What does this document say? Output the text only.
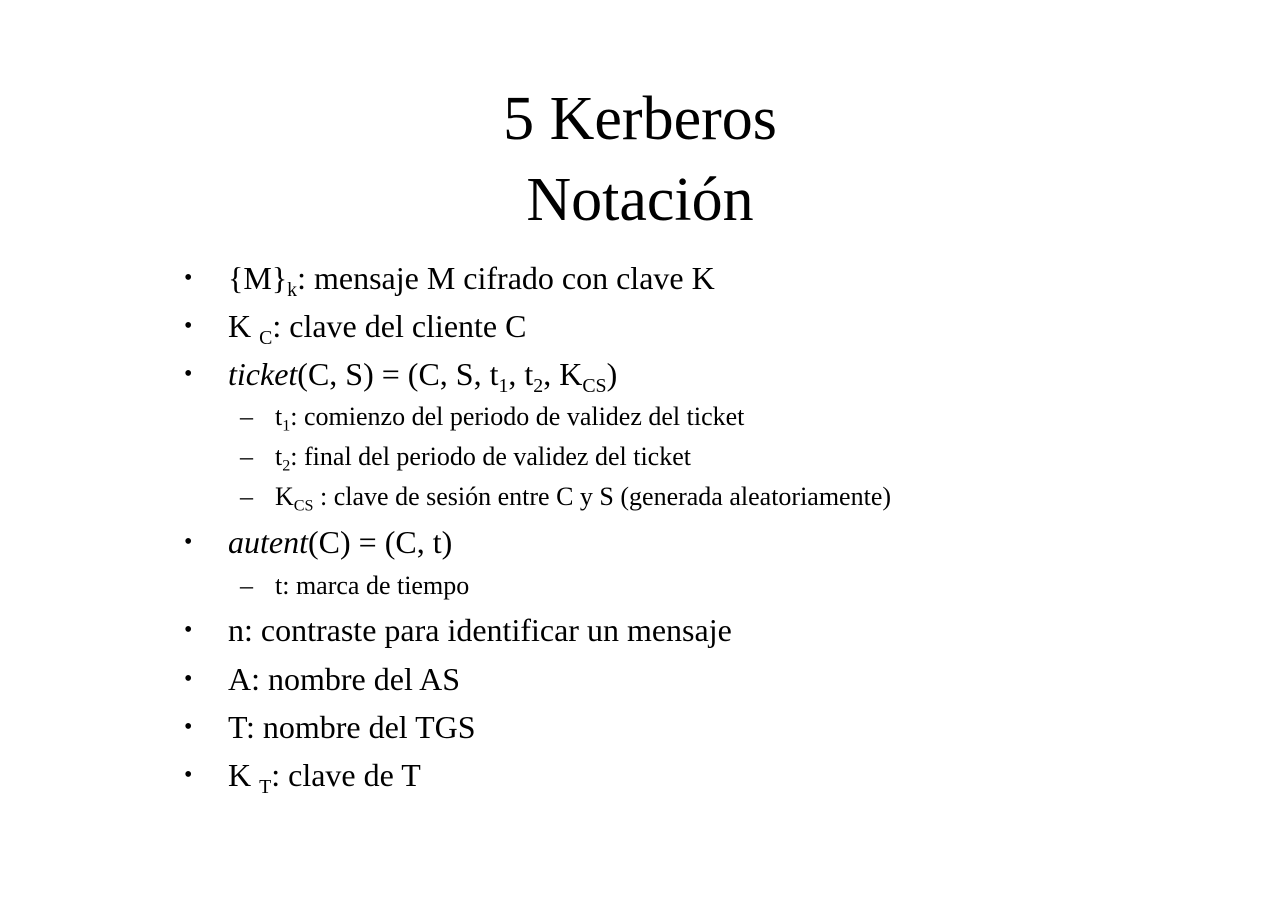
5 Kerberos
Notación
• $\{M\}_k$: mensaje M cifrado con clave K
• K $_C$: clave del cliente C
• ticket(C, S) = (C, S, $t_1$, $t_2$, $K_{CS}$)
– $t_1$: comienzo del periodo de validez del ticket
– $t_2$: final del periodo de validez del ticket
– $K_{CS}$ : clave de sesión entre C y S (generada aleatoriamente)
• autent(C) = (C, t)
– t: marca de tiempo
• n: contraste para identificar un mensaje
• A: nombre del AS
• T: nombre del TGS
• K $_T$: clave de T
